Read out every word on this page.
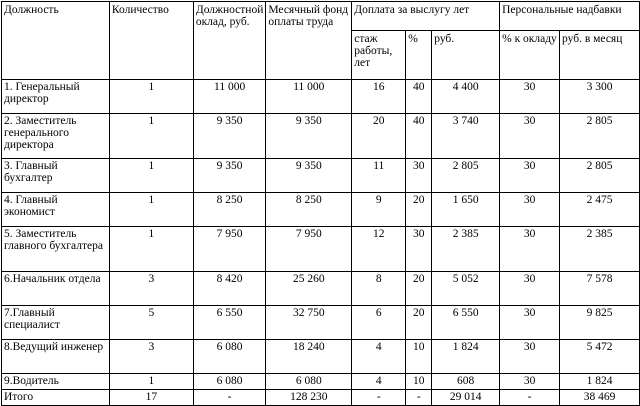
Должность	Количество	Должностной оклад, руб.	Месячный фонд оплаты труда	Доплата за выслугу лет			Персональные надбавки	
				стаж работы, лет	%	руб.	% к окладу	руб. в месяц
1. Генеральный директор	1	11 000	11 000	16	40	4 400	30	3 300
2. Заместитель генерального директора	1	9 350	9 350	20	40	3 740	30	2 805
3. Главный бухгалтер	1	9 350	9 350	11	30	2 805	30	2 805
4. Главный экономист	1	8 250	8 250	9	20	1 650	30	2 475
5. Заместитель главного бухгалтера	1	7 950	7 950	12	30	2 385	30	2 385
6.Начальник отдела	3	8 420	25 260	8	20	5 052	30	7 578
7.Главный специалист	5	6 550	32 750	6	20	6 550	30	9 825
8.Ведущий инженер	3	6 080	18 240	4	10	1 824	30	5 472
9.Водитель	1	6 080	6 080	4	10	608	30	1 824
Итого	17	-	128 230	-	-	29 014	-	38 469
